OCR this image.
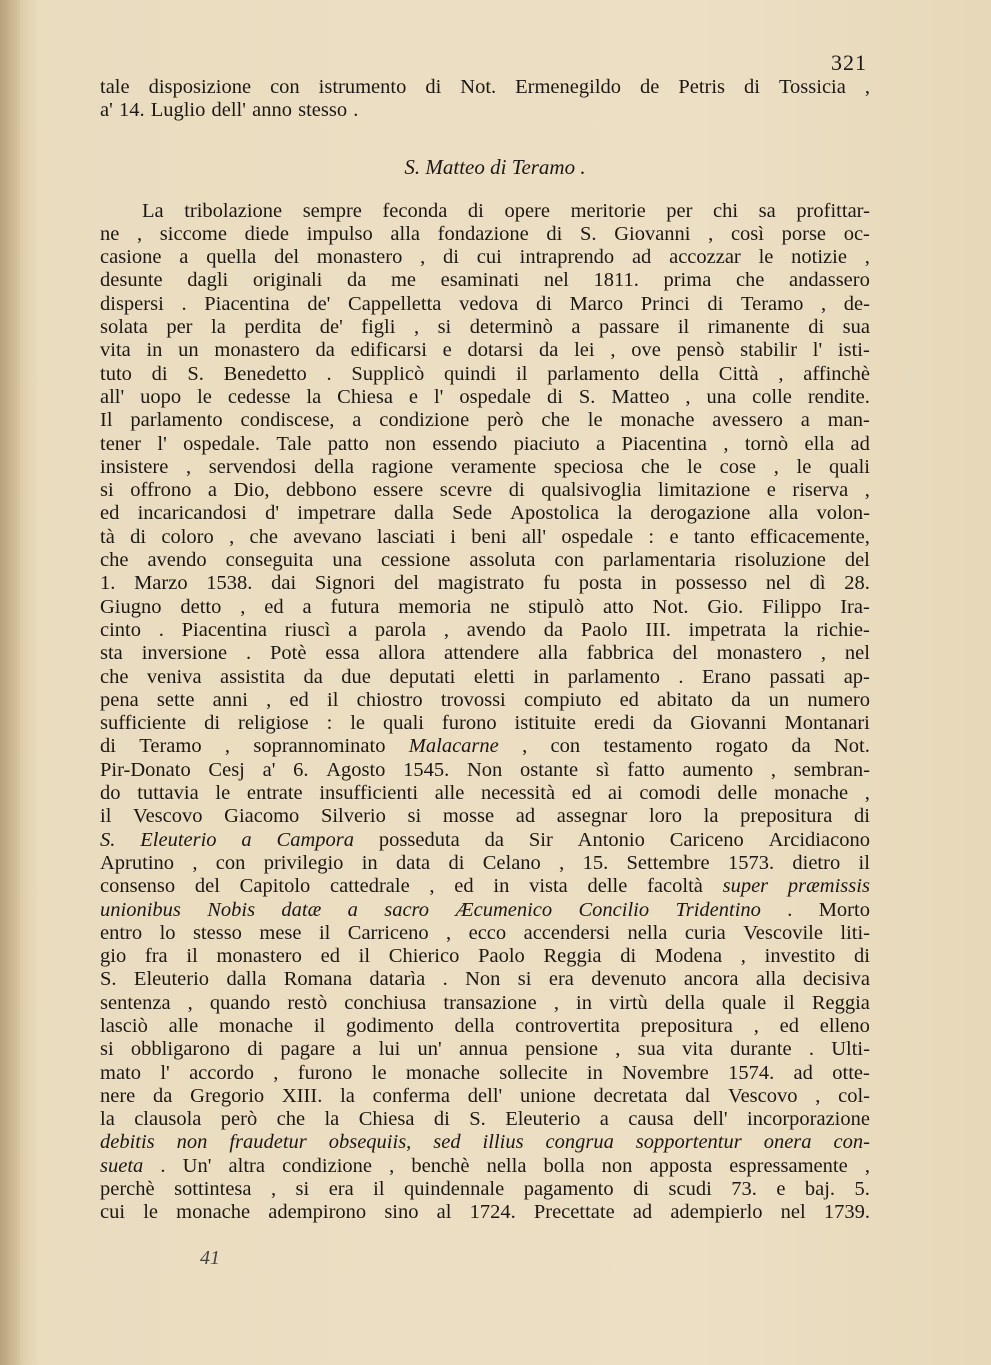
321

tale disposizione con istrumento di Not. Ermenegildo de Petris di Tossicia ,
a' 14. Luglio dell' anno stesso .
S. Matteo di Teramo .
La tribolazione sempre feconda di opere meritorie per chi sa profittar-
ne , siccome diede impulso alla fondazione di S. Giovanni , così porse oc-
casione a quella del monastero , di cui intraprendo ad accozzar le notizie ,
desunte dagli originali da me esaminati nel 1811. prima che andassero
dispersi . Piacentina de' Cappelletta vedova di Marco Princi di Teramo , de-
solata per la perdita de' figli , si determinò a passare il rimanente di sua
vita in un monastero da edificarsi e dotarsi da lei , ove pensò stabilir l' isti-
tuto di S. Benedetto . Supplicò quindi il parlamento della Città , affinchè
all' uopo le cedesse la Chiesa e l' ospedale di S. Matteo , una colle rendite.
Il parlamento condiscese, a condizione però che le monache avessero a man-
tener l' ospedale. Tale patto non essendo piaciuto a Piacentina , tornò ella ad
insistere , servendosi della ragione veramente speciosa che le cose , le quali
si offrono a Dio, debbono essere scevre di qualsivoglia limitazione e riserva ,
ed incaricandosi d' impetrare dalla Sede Apostolica la derogazione alla volon-
tà di coloro , che avevano lasciati i beni all' ospedale : e tanto efficacemente,
che avendo conseguita una cessione assoluta con parlamentaria risoluzione del
1. Marzo 1538. dai Signori del magistrato fu posta in possesso nel dì 28.
Giugno detto , ed a futura memoria ne stipulò atto Not. Gio. Filippo Ira-
cinto . Piacentina riuscì a parola , avendo da Paolo III. impetrata la richie-
sta inversione . Potè essa allora attendere alla fabbrica del monastero , nel
che veniva assistita da due deputati eletti in parlamento . Erano passati ap-
pena sette anni , ed il chiostro trovossi compiuto ed abitato da un numero
sufficiente di religiose : le quali furono istituite eredi da Giovanni Montanari
di Teramo , soprannominato Malacarne , con testamento rogato da Not.
Pir-Donato Cesj a' 6. Agosto 1545. Non ostante sì fatto aumento , sembran-
do tuttavia le entrate insufficienti alle necessità ed ai comodi delle monache ,
il Vescovo Giacomo Silverio si mosse ad assegnar loro la prepositura di
S. Eleuterio a Campora posseduta da Sir Antonio Cariceno Arcidiacono
Aprutino , con privilegio in data di Celano , 15. Settembre 1573. dietro il
consenso del Capitolo cattedrale , ed in vista delle facoltà super præmissis
unionibus Nobis datæ a sacro Æcumenico Concilio Tridentino . Morto
entro lo stesso mese il Carriceno , ecco accendersi nella curia Vescovile liti-
gio fra il monastero ed il Chierico Paolo Reggia di Modena , investito di
S. Eleuterio dalla Romana datarìa . Non si era devenuto ancora alla decisiva
sentenza , quando restò conchiusa transazione , in virtù della quale il Reggia
lasciò alle monache il godimento della controvertita prepositura , ed elleno
si obbligarono di pagare a lui un' annua pensione , sua vita durante . Ulti-
mato l' accordo , furono le monache sollecite in Novembre 1574. ad otte-
nere da Gregorio XIII. la conferma dell' unione decretata dal Vescovo , col-
la clausola però che la Chiesa di S. Eleuterio a causa dell' incorporazione
debitis non fraudetur obsequiis, sed illius congrua sopportentur onera con-
sueta . Un' altra condizione , benchè nella bolla non apposta espressamente ,
perchè sottintesa , si era il quindennale pagamento di scudi 73. e baj. 5.
cui le monache adempirono sino al 1724. Precettate ad adempierlo nel 1739.
41
